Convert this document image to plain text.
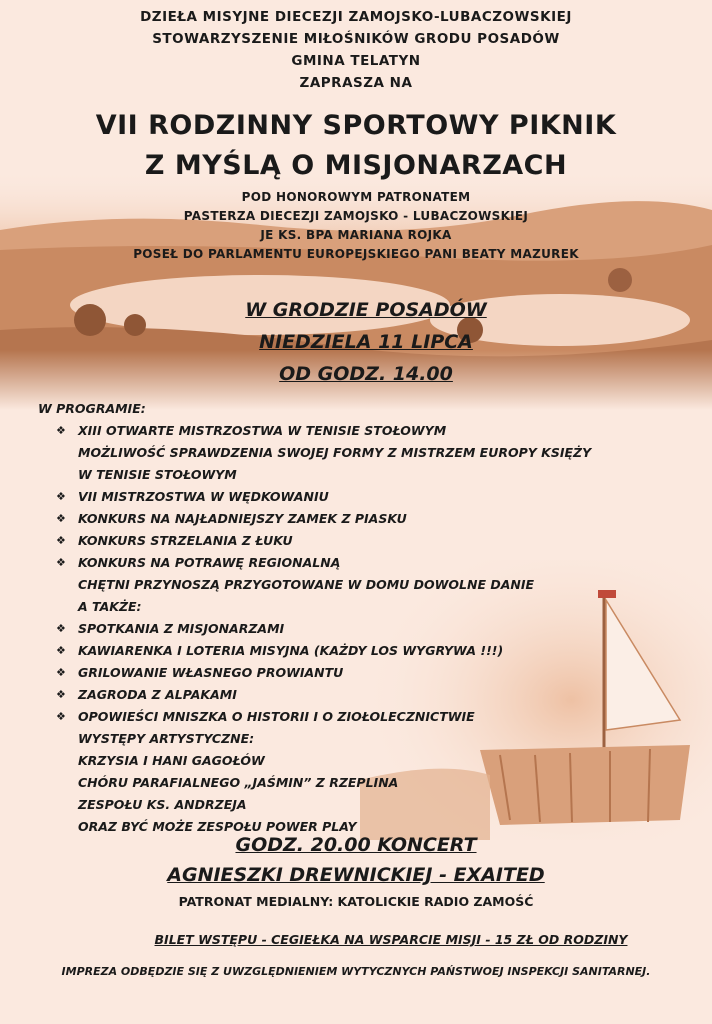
DZIEŁA MISYJNE DIECEZJI ZAMOJSKO-LUBACZOWSKIEJ
STOWARZYSZENIE MIŁOŚNIKÓW GRODU POSADÓW
GMINA TELATYN
ZAPRASZA NA
VII RODZINNY SPORTOWY PIKNIK
Z MYŚLĄ O MISJONARZACH
POD HONOROWYM PATRONATEM
PASTERZA DIECEZJI ZAMOJSKO - LUBACZOWSKIEJ
JE KS. BPA MARIANA ROJKA
POSEŁ DO PARLAMENTU EUROPEJSKIEGO PANI BEATY MAZUREK
W GRODZIE POSADÓW
NIEDZIELA 11 LIPCA
OD GODZ. 14.00
W PROGRAMIE:
❖ XIII OTWARTE MISTRZOSTWA W TENISIE STOŁOWYM
MOŻLIWOŚĆ SPRAWDZENIA SWOJEJ FORMY Z MISTRZEM EUROPY KSIĘŻY
W TENISIE STOŁOWYM
❖ VII MISTRZOSTWA W WĘDKOWANIU
❖ KONKURS NA NAJŁADNIEJSZY ZAMEK Z PIASKU
❖ KONKURS STRZELANIA Z ŁUKU
❖ KONKURS NA POTRAWĘ REGIONALNĄ
CHĘTNI PRZYNOSZĄ PRZYGOTOWANE W DOMU DOWOLNE DANIE
A TAKŻE:
❖ SPOTKANIA Z MISJONARZAMI
❖ KAWIARENKA I LOTERIA MISYJNA (KAŻDY LOS WYGRYWA !!!)
❖ GRILOWANIE WŁASNEGO PROWIANTU
❖ ZAGRODA Z ALPAKAMI
❖ OPOWIEŚCI MNISZKA O HISTORII I O ZIOŁOLECZNICTWIE
WYSTĘPY ARTYSTYCZNE:
KRZYSIA I HANI GAGOŁÓW
CHÓRU PARAFIALNEGO „JAŚMIN” Z RZEPLINA
ZESPOŁU KS. ANDRZEJA
ORAZ BYĆ MOŻE ZESPOŁU POWER PLAY
GODZ. 20.00 KONCERT
AGNIESZKI DREWNICKIEJ - EXAITED
PATRONAT MEDIALNY: KATOLICKIE RADIO ZAMOŚĆ
BILET WSTĘPU - CEGIEŁKA NA WSPARCIE MISJI - 15 ZŁ OD RODZINY
IMPREZA ODBĘDZIE SIĘ Z UWZGLĘDNIENIEM WYTYCZNYCH PAŃSTWOEJ INSPEKCJI SANITARNEJ.
